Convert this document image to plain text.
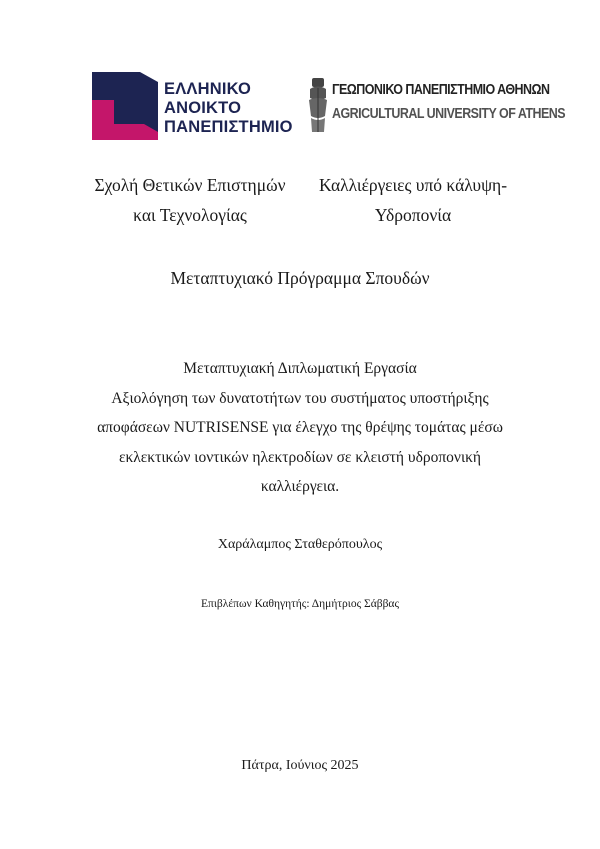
ΕΛΛΗΝΙΚΟ
ΑΝΟΙΚΤΟ
ΠΑΝΕΠΙΣΤΗΜΙΟ
ΓΕΩΠΟΝΙΚΟ ΠΑΝΕΠΙΣΤΗΜΙΟ ΑΘΗΝΩΝ
AGRICULTURAL UNIVERSITY OF ATHENS
Σχολή Θετικών Επιστημών
και Τεχνολογίας
Καλλιέργειες υπό κάλυψη-
Υδροπονία
Μεταπτυχιακό Πρόγραμμα Σπουδών
Μεταπτυχιακή Διπλωματική Εργασία
Αξιολόγηση των δυνατοτήτων του συστήματος υποστήριξης
αποφάσεων NUTRISENSE για έλεγχο της θρέψης τομάτας μέσω
εκλεκτικών ιοντικών ηλεκτροδίων σε κλειστή υδροπονική
καλλιέργεια.
Χαράλαμπος Σταθερόπουλος
Επιβλέπων Καθηγητής: Δημήτριος Σάββας
Πάτρα, Ιούνιος 2025
